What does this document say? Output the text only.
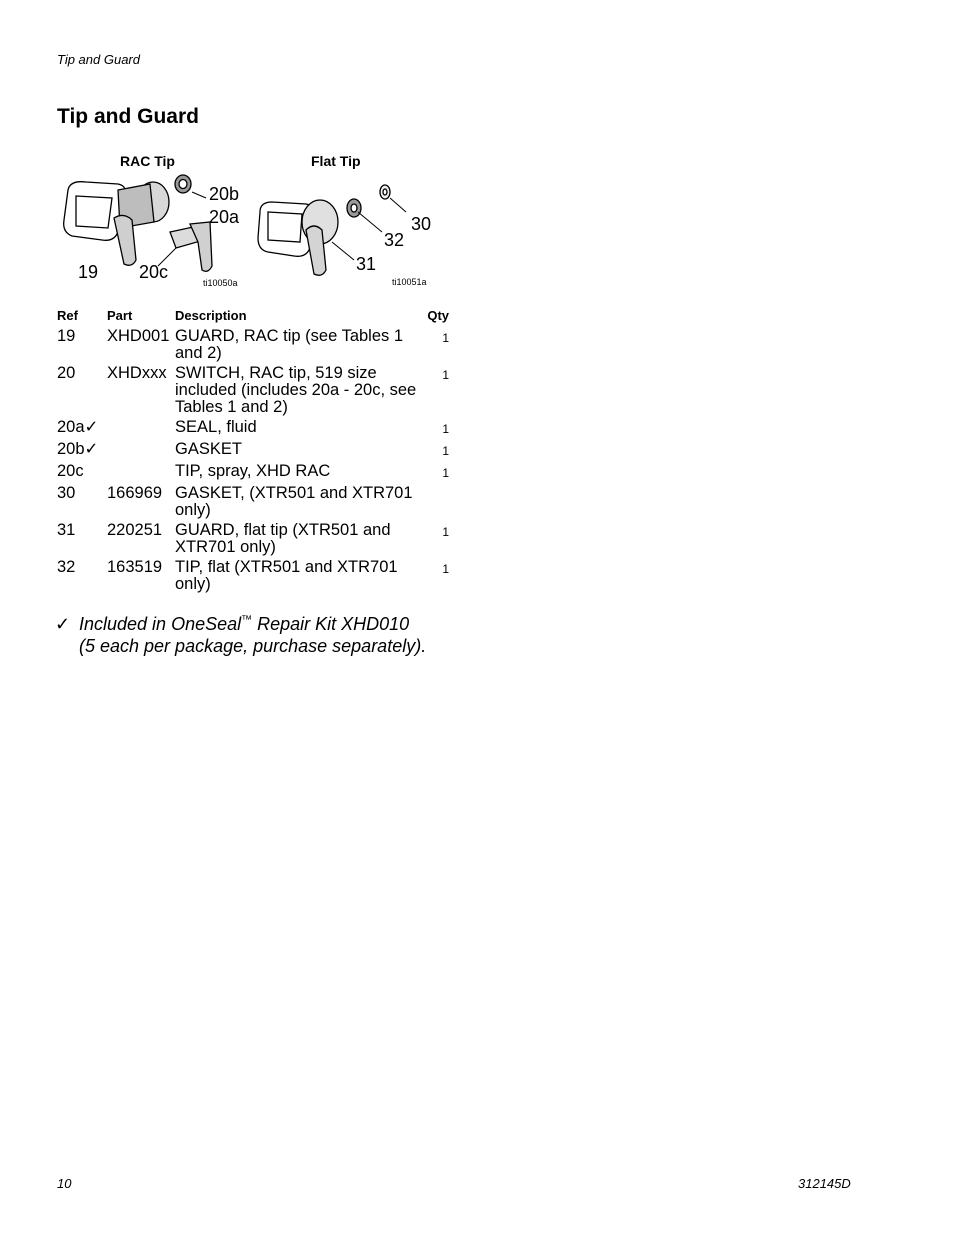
Tip and Guard
Tip and Guard
RAC Tip
20b
20a
19 20c
ti10050a
Flat Tip
30
32
31
ti10051a
Ref	Part	Description	Qty
19	XHD001	GUARD, RAC tip (see Tables 1 and 2)	1
20	XHDxxx	SWITCH, RAC tip, 519 size included (includes 20a - 20c, see Tables 1 and 2)	1
20a✓		SEAL, fluid	1
20b✓		GASKET	1
20c		TIP, spray, XHD RAC	1
30	166969	GASKET, (XTR501 and XTR701 only)	
31	220251	GUARD, flat tip (XTR501 and XTR701 only)	1
32	163519	TIP, flat (XTR501 and XTR701 only)	1
✓ Included in OneSeal™ Repair Kit XHD010
(5 each per package, purchase separately).
10	312145D
